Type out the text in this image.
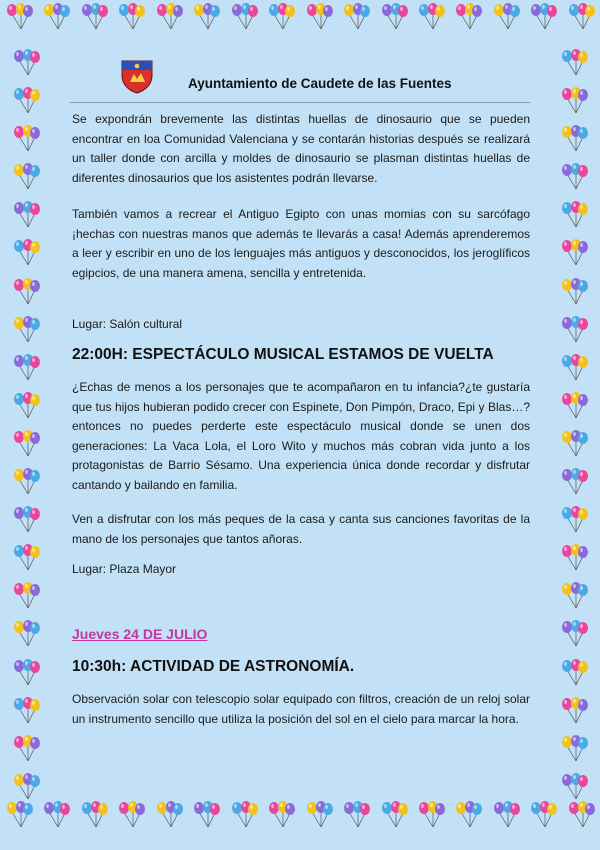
Ayuntamiento de Caudete de las Fuentes

Se expondrán brevemente las distintas huellas de dinosaurio que se pueden encontrar en loa Comunidad Valenciana y se contarán historias después se realizará un taller donde con arcilla y moldes de dinosaurio se plasman distintas huellas de diferentes dinosaurios que los asistentes podrán llevarse.

También vamos a recrear el Antiguo Egipto con unas momias con su sarcófago ¡hechas con nuestras manos que además te llevarás a casa! Además aprenderemos a leer y escribir en uno de los lenguajes más antiguos y desconocidos, los jeroglíficos egipcios, de una manera amena, sencilla y entretenida.

Lugar: Salón cultural

22:00H: ESPECTÁCULO MUSICAL ESTAMOS DE VUELTA

¿Echas de menos a los personajes que te acompañaron en tu infancia?¿te gustaría que tus hijos hubieran podido crecer con Espinete, Don Pimpón, Draco, Epi y Blas…?entonces no puedes perderte este espectáculo musical donde se unen dos generaciones: La Vaca Lola, el Loro Wito y muchos más cobran vida junto a los protagonistas de Barrio Sésamo. Una experiencia única donde recordar y disfrutar cantando y bailando en familia.

Ven a disfrutar con los más peques de la casa y canta sus canciones favoritas de la mano de los personajes que tantos añoras.

Lugar: Plaza Mayor

Jueves 24 DE JULIO

10:30h: ACTIVIDAD DE ASTRONOMÍA.

Observación solar con telescopio solar equipado con filtros, creación de un reloj solar un instrumento sencillo que utiliza la posición del sol en el cielo para marcar la hora.
